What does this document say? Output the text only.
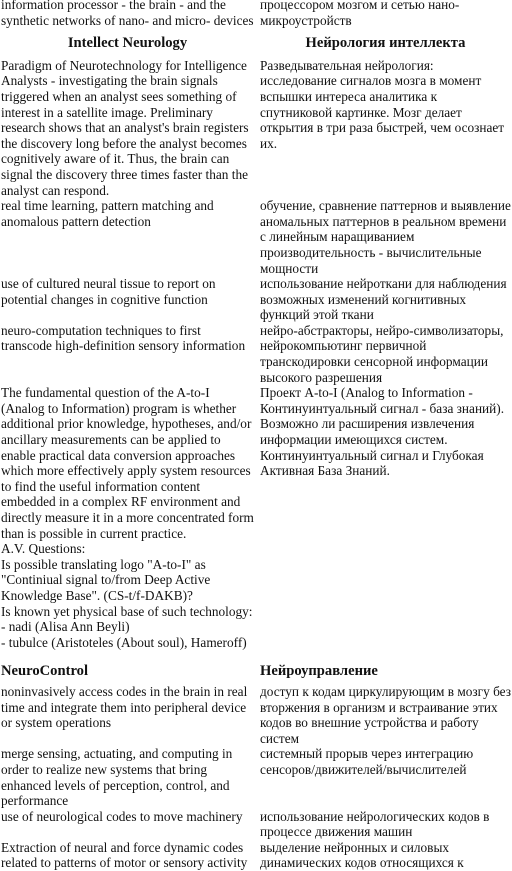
information processor - the brain - and the synthetic networks of nano- and micro- devices
процессором мозгом и сетью нано-микроустройств
Intellect Neurology	Нейрология интеллекта
Paradigm of Neurotechnology for Intelligence Analysts - investigating the brain signals triggered when an analyst sees something of interest in a satellite image. Preliminary research shows that an analyst's brain registers the discovery long before the analyst becomes cognitively aware of it. Thus, the brain can signal the discovery three times faster than the analyst can respond.
Разведывательная нейрология: исследование сигналов мозга в момент вспышки интереса аналитика к спутниковой картинке. Мозг делает открытия в три раза быстрей, чем осознает их.
real time learning, pattern matching and anomalous pattern detection
обучение, сравнение паттернов и выявление аномальных паттернов в реальном времени с линейным наращиванием производительность - вычислительные мощности
use of cultured neural tissue to report on potential changes in cognitive function
использование нейроткани для наблюдения возможных изменений когнитивных функций этой ткани
neuro-computation techniques to first transcode high-definition sensory information
нейро-абстракторы, нейро-символизаторы, нейрокомпьютинг первичной транскодировки сенсорной информации высокого разрешения
The fundamental question of the A-to-I (Analog to Information) program is whether additional prior knowledge, hypotheses, and/or ancillary measurements can be applied to enable practical data conversion approaches which more effectively apply system resources to find the useful information content embedded in a complex RF environment and directly measure it in a more concentrated form than is possible in current practice.
A.V. Questions:
Is possible translating logo "A-to-I" as "Continiual signal to/from Deep Active Knowledge Base". (CS-t/f-DAKB)?
Is known yet physical base of such technology:
- nadi (Alisa Ann Beyli)
- tubulce (Aristoteles (About soul), Hameroff)
Проект A-to-I (Analog to Information - Континуинтуальный сигнал - база знаний). Возможно ли расширения извлечения информации имеющихся систем. Континуинтуальный сигнал и Глубокая Активная База Знаний.
NeuroControl	Нейроуправление
noninvasively access codes in the brain in real time and integrate them into peripheral device or system operations
доступ к кодам циркулирующим в мозгу без вторжения в организм и встраивание этих кодов во внешние устройства и работу систем
merge sensing, actuating, and computing in order to realize new systems that bring enhanced levels of perception, control, and performance
системный прорыв через интеграцию сенсоров/движителей/вычислителей
use of neurological codes to move machinery	использование нейрологических кодов в процессе движения машин
Extraction of neural and force dynamic codes related to patterns of motor or sensory activity
выделение нейронных и силовых динамических кодов относящихся к
